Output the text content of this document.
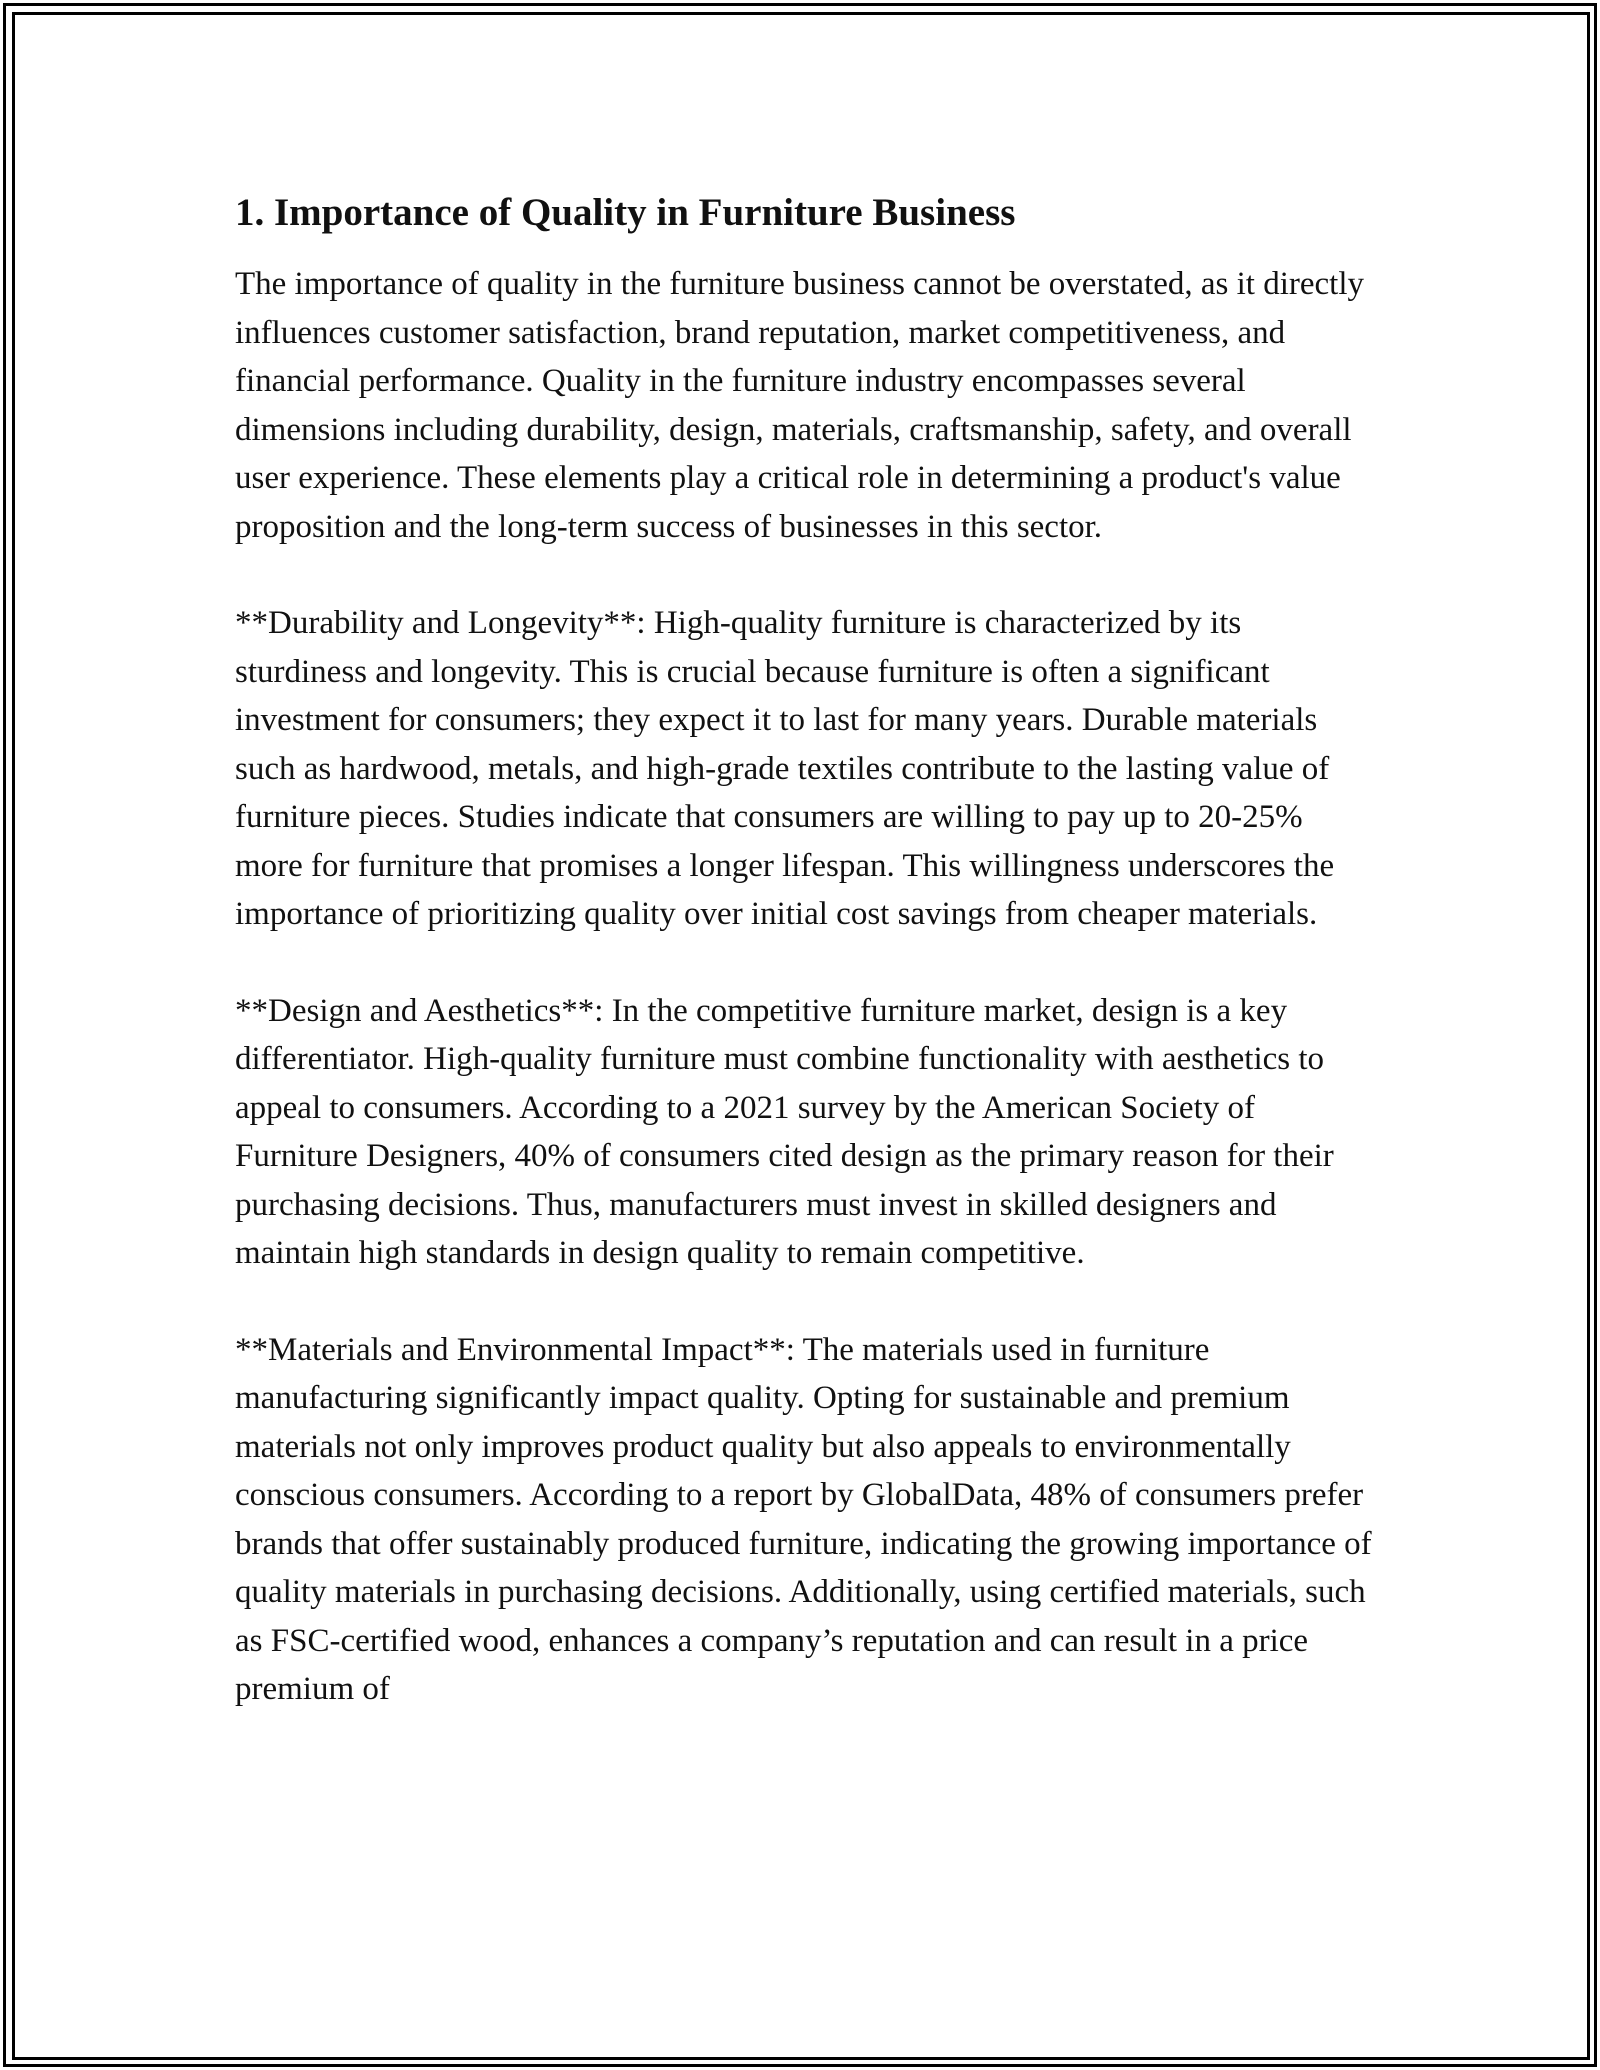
1. Importance of Quality in Furniture Business

The importance of quality in the furniture business cannot be overstated, as it directly influences customer satisfaction, brand reputation, market competitiveness, and financial performance. Quality in the furniture industry encompasses several dimensions including durability, design, materials, craftsmanship, safety, and overall user experience. These elements play a critical role in determining a product's value proposition and the long-term success of businesses in this sector.

**Durability and Longevity**: High-quality furniture is characterized by its sturdiness and longevity. This is crucial because furniture is often a significant investment for consumers; they expect it to last for many years. Durable materials such as hardwood, metals, and high-grade textiles contribute to the lasting value of furniture pieces. Studies indicate that consumers are willing to pay up to 20-25% more for furniture that promises a longer lifespan. This willingness underscores the importance of prioritizing quality over initial cost savings from cheaper materials.

**Design and Aesthetics**: In the competitive furniture market, design is a key differentiator. High-quality furniture must combine functionality with aesthetics to appeal to consumers. According to a 2021 survey by the American Society of Furniture Designers, 40% of consumers cited design as the primary reason for their purchasing decisions. Thus, manufacturers must invest in skilled designers and maintain high standards in design quality to remain competitive.

**Materials and Environmental Impact**: The materials used in furniture manufacturing significantly impact quality. Opting for sustainable and premium materials not only improves product quality but also appeals to environmentally conscious consumers. According to a report by GlobalData, 48% of consumers prefer brands that offer sustainably produced furniture, indicating the growing importance of quality materials in purchasing decisions. Additionally, using certified materials, such as FSC-certified wood, enhances a company’s reputation and can result in a price premium of
